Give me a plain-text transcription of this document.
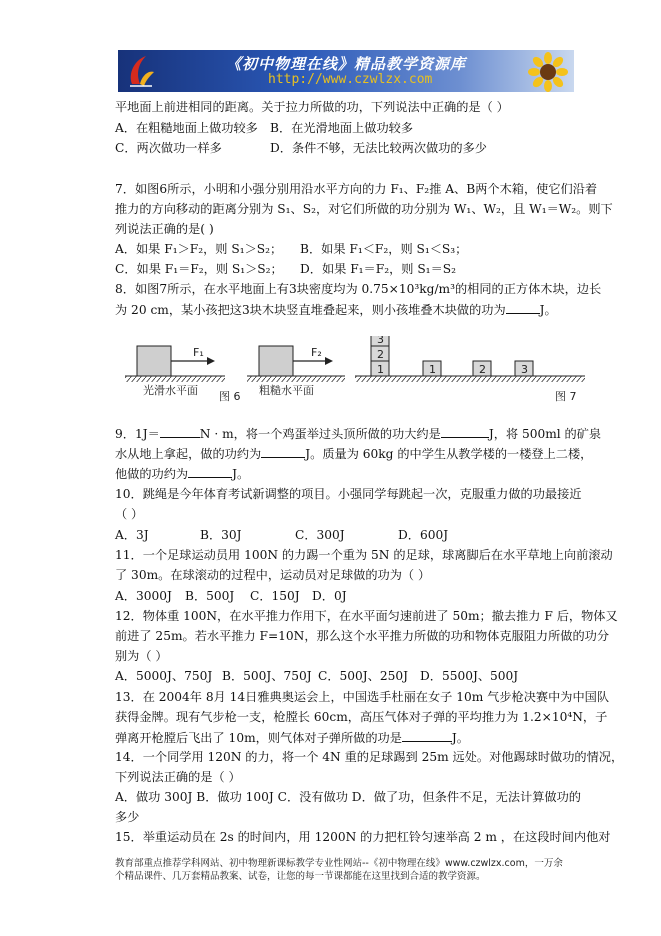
《初中物理在线》精品教学资源库
http://www.czwlzx.com
平地面上前进相同的距离。关于拉力所做的功，下列说法中正确的是（ ）
A．在粗糙地面上做功较多 B．在光滑地面上做功较多
C．两次做功一样多	D．条件不够，无法比较两次做功的多少
7．如图6所示，小明和小强分别用沿水平方向的力 F₁、F₂推 A、B两个木箱，使它们沿着
推力的方向移动的距离分别为 S₁、S₂，对它们所做的功分别为 W₁、W₂，且 W₁＝W₂。则下
列说法正确的是( )
A．如果 F₁＞F₂，则 S₁＞S₂； B．如果 F₁＜F₂，则 S₁＜S₃；
C．如果 F₁＝F₂，则 S₁＞S₂； D．如果 F₁＝F₂，则 S₁＝S₂
8．如图7所示，在水平地面上有3块密度均为 0.75×10³kg/m³的相同的正方体木块，边长
为 20 cm，某小孩把这3块木块竖直堆叠起来，则小孩堆叠木块做的功为	J。
F₁
光滑水平面
F₂
粗糙水平面
图 6
3
2
1	1	2	3
图 7
9．1J＝	N · m，将一个鸡蛋举过头顶所做的功大约是	J，将 500ml 的矿泉
水从地上拿起，做的功约为	J。质量为 60kg 的中学生从教学楼的一楼登上二楼，
他做的功约为	J。
10．跳绳是今年体育考试新调整的项目。小强同学每跳起一次，克服重力做的功最接近
（ ）
A．3J	B．30J	C．300J	D．600J
11．一个足球运动员用 100N 的力踢一个重为 5N 的足球，球离脚后在水平草地上向前滚动
了 30m。在球滚动的过程中，运动员对足球做的功为（ ）
A．3000J B．500J C．150J D．0J
12．物体重 100N，在水平推力作用下，在水平面匀速前进了 50m；撤去推力 F 后，物体又
前进了 25m。若水平推力 F=10N，那么这个水平推力所做的功和物体克服阻力所做的功分
别为（ ）
A．5000J、750J B．500J、750J C．500J、250J D．5500J、500J
13．在 2004年 8月 14日雅典奥运会上，中国选手杜丽在女子 10m 气步枪决赛中为中国队
获得金牌。现有气步枪一支，枪膛长 60cm，高压气体对子弹的平均推力为 1.2×10⁴N，子
弹离开枪膛后飞出了 10m，则气体对子弹所做的功是	J。
14．一个同学用 120N 的力，将一个 4N 重的足球踢到 25m 远处。对他踢球时做功的情况，
下列说法正确的是（ ）
A．做功 300J B．做功 100J C．没有做功 D．做了功，但条件不足，无法计算做功的
多少
15．举重运动员在 2s 的时间内，用 1200N 的力把杠铃匀速举高 2 m ，在这段时间内他对
教育部重点推荐学科网站、初中物理新课标教学专业性网站--《初中物理在线》www.czwlzx.com，一万余
个精品课件、几万套精品教案、试卷，让您的每一节课都能在这里找到合适的教学资源。
